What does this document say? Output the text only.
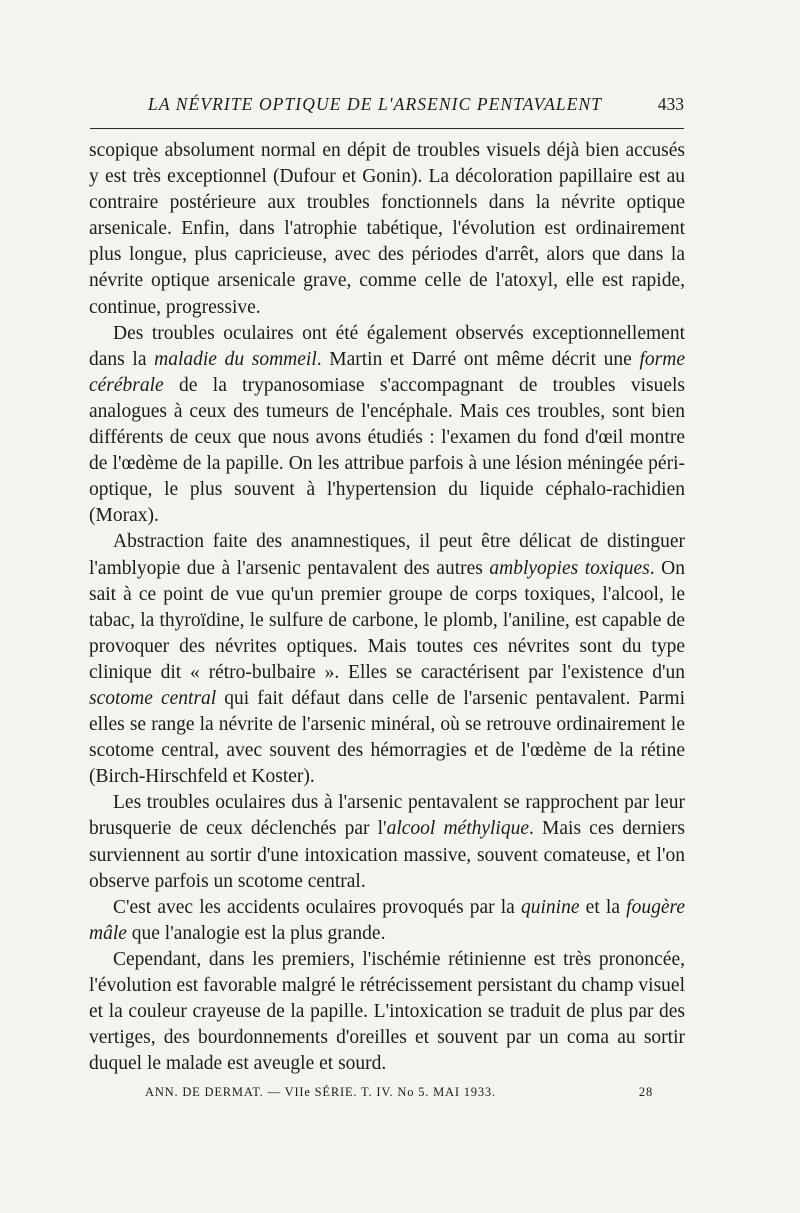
LA NÉVRITE OPTIQUE DE L'ARSENIC PENTAVALENT	433

scopique absolument normal en dépit de troubles visuels déjà bien accusés y est très exceptionnel (Dufour et Gonin). La décoloration papillaire est au contraire postérieure aux troubles fonctionnels dans la névrite optique arsenicale. Enfin, dans l'atrophie tabétique, l'évolution est ordinairement plus longue, plus capricieuse, avec des périodes d'arrêt, alors que dans la névrite optique arsenicale grave, comme celle de l'atoxyl, elle est rapide, continue, progressive.

Des troubles oculaires ont été également observés exceptionnellement dans la maladie du sommeil. Martin et Darré ont même décrit une forme cérébrale de la trypanosomiase s'accompagnant de troubles visuels analogues à ceux des tumeurs de l'encéphale. Mais ces troubles, sont bien différents de ceux que nous avons étudiés : l'examen du fond d'œil montre de l'œdème de la papille. On les attribue parfois à une lésion méningée péri-optique, le plus souvent à l'hypertension du liquide céphalo-rachidien (Morax).

Abstraction faite des anamnestiques, il peut être délicat de distinguer l'amblyopie due à l'arsenic pentavalent des autres amblyopies toxiques. On sait à ce point de vue qu'un premier groupe de corps toxiques, l'alcool, le tabac, la thyroïdine, le sulfure de carbone, le plomb, l'aniline, est capable de provoquer des névrites optiques. Mais toutes ces névrites sont du type clinique dit « rétro-bulbaire ». Elles se caractérisent par l'existence d'un scotome central qui fait défaut dans celle de l'arsenic pentavalent. Parmi elles se range la névrite de l'arsenic minéral, où se retrouve ordinairement le scotome central, avec souvent des hémorragies et de l'œdème de la rétine (Birch-Hirschfeld et Koster).

Les troubles oculaires dus à l'arsenic pentavalent se rapprochent par leur brusquerie de ceux déclenchés par l'alcool méthylique. Mais ces derniers surviennent au sortir d'une intoxication massive, souvent comateuse, et l'on observe parfois un scotome central.

C'est avec les accidents oculaires provoqués par la quinine et la fougère mâle que l'analogie est la plus grande.

Cependant, dans les premiers, l'ischémie rétinienne est très prononcée, l'évolution est favorable malgré le rétrécissement persistant du champ visuel et la couleur crayeuse de la papille. L'intoxication se traduit de plus par des vertiges, des bourdonnements d'oreilles et souvent par un coma au sortir duquel le malade est aveugle et sourd.

ANN. DE DERMAT. — VIIe SÉRIE. T. IV. No 5. MAI 1933.	28
